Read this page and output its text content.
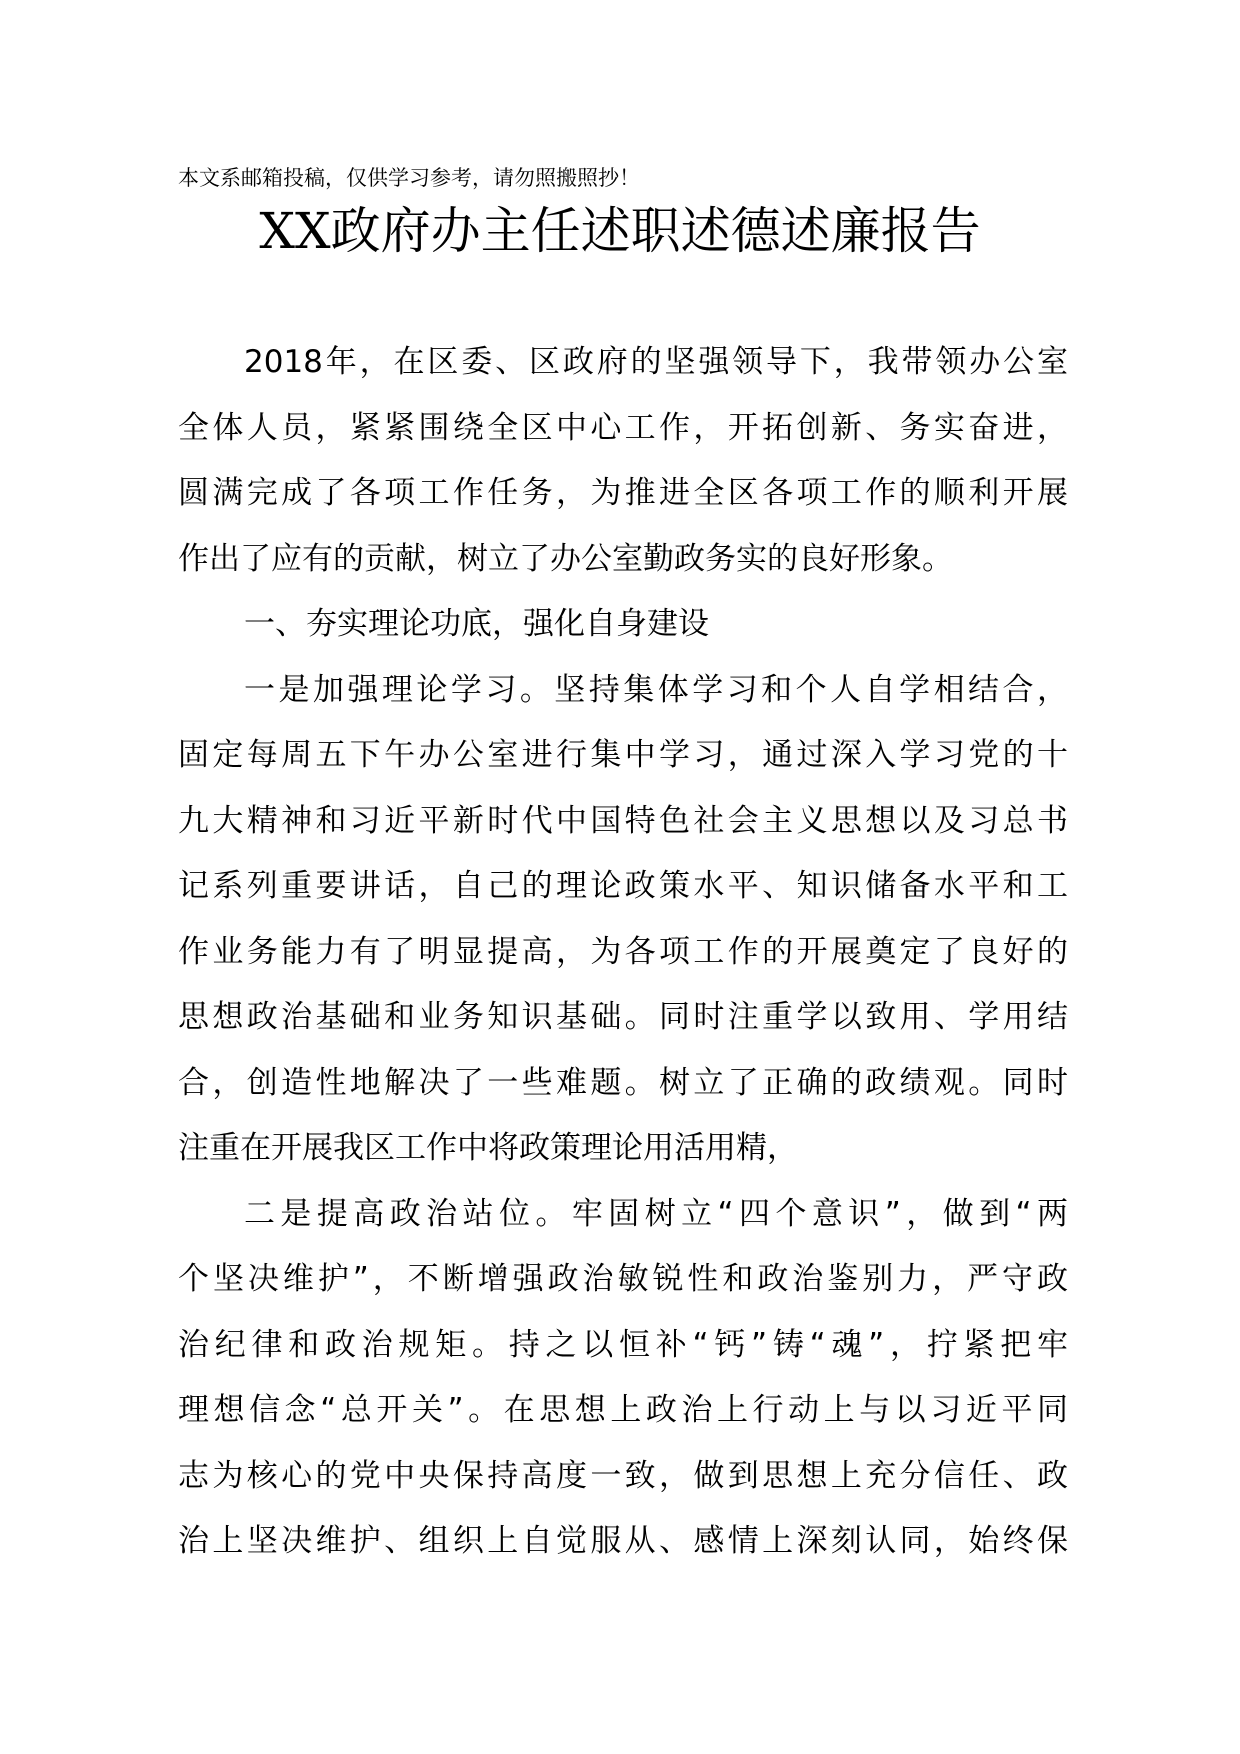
本文系邮箱投稿，仅供学习参考，请勿照搬照抄！
XX政府办主任述职述德述廉报告
2018年，在区委、区政府的坚强领导下，我带领办公室
全体人员，紧紧围绕全区中心工作，开拓创新、务实奋进，
圆满完成了各项工作任务，为推进全区各项工作的顺利开展
作出了应有的贡献，树立了办公室勤政务实的良好形象。
一、夯实理论功底，强化自身建设
一是加强理论学习。坚持集体学习和个人自学相结合，
固定每周五下午办公室进行集中学习，通过深入学习党的十
九大精神和习近平新时代中国特色社会主义思想以及习总书
记系列重要讲话，自己的理论政策水平、知识储备水平和工
作业务能力有了明显提高，为各项工作的开展奠定了良好的
思想政治基础和业务知识基础。同时注重学以致用、学用结
合，创造性地解决了一些难题。树立了正确的政绩观。同时
注重在开展我区工作中将政策理论用活用精，
二是提高政治站位。牢固树立“四个意识”，做到“两
个坚决维护”，不断增强政治敏锐性和政治鉴别力，严守政
治纪律和政治规矩。持之以恒补“钙”铸“魂”，拧紧把牢
理想信念“总开关”。在思想上政治上行动上与以习近平同
志为核心的党中央保持高度一致，做到思想上充分信任、政
治上坚决维护、组织上自觉服从、感情上深刻认同，始终保
